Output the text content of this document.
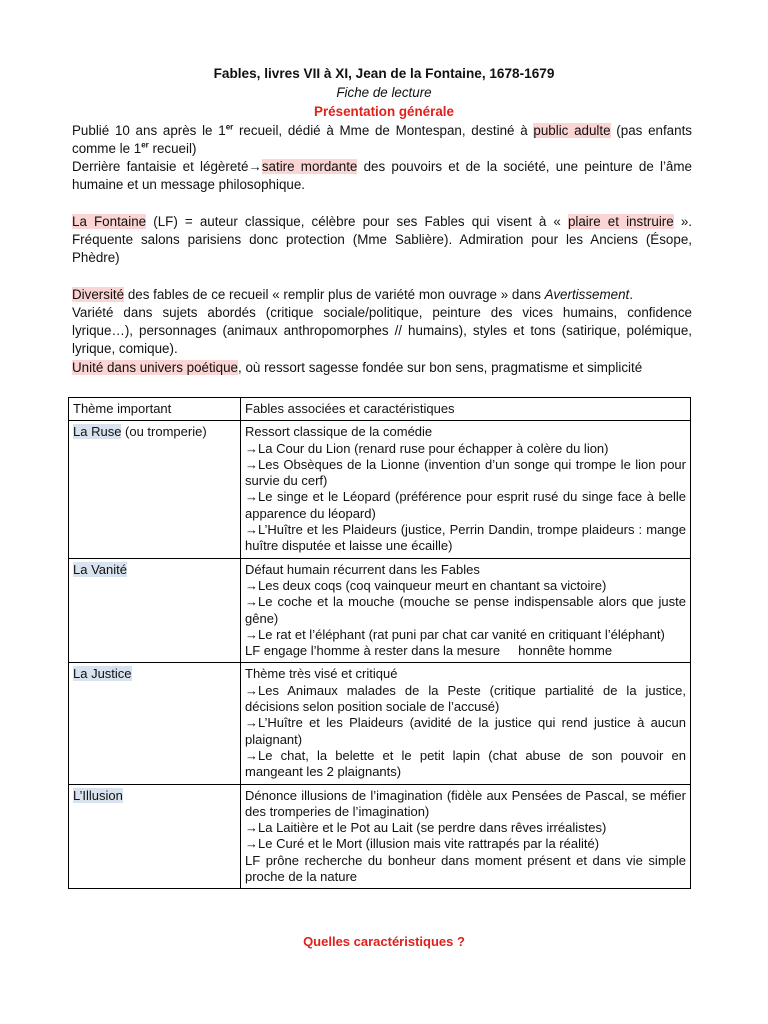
Fables, livres VII à XI, Jean de la Fontaine, 1678-1679
Fiche de lecture
Présentation générale
Publié 10 ans après le 1er recueil, dédié à Mme de Montespan, destiné à public adulte (pas enfants comme le 1er recueil)
Derrière fantaisie et légèreté→satire mordante des pouvoirs et de la société, une peinture de l’âme humaine et un message philosophique.
La Fontaine (LF) = auteur classique, célèbre pour ses Fables qui visent à « plaire et instruire ». Fréquente salons parisiens donc protection (Mme Sablière). Admiration pour les Anciens (Ésope, Phèdre)
Diversité des fables de ce recueil « remplir plus de variété mon ouvrage » dans Avertissement.
Variété dans sujets abordés (critique sociale/politique, peinture des vices humains, confidence lyrique…), personnages (animaux anthropomorphes // humains), styles et tons (satirique, polémique, lyrique, comique).
Unité dans univers poétique, où ressort sagesse fondée sur bon sens, pragmatisme et simplicité
Thème important	Fables associées et caractéristiques
La Ruse (ou tromperie)	Ressort classique de la comédie
→La Cour du Lion (renard ruse pour échapper à colère du lion)
→Les Obsèques de la Lionne (invention d’un songe qui trompe le lion pour survie du cerf)
→Le singe et le Léopard (préférence pour esprit rusé du singe face à belle apparence du léopard)
→L’Huître et les Plaideurs (justice, Perrin Dandin, trompe plaideurs : mange huître disputée et laisse une écaille)

La Vanité	Défaut humain récurrent dans les Fables
→Les deux coqs (coq vainqueur meurt en chantant sa victoire)
→Le coche et la mouche (mouche se pense indispensable alors que juste gêne)
→Le rat et l’éléphant (rat puni par chat car vanité en critiquant l’éléphant)
LF engage l’homme à rester dans la mesure     honnête homme

La Justice	Thème très visé et critiqué
→Les Animaux malades de la Peste (critique partialité de la justice, décisions selon position sociale de l’accusé)
→L’Huître et les Plaideurs (avidité de la justice qui rend justice à aucun plaignant)
→Le chat, la belette et le petit lapin (chat abuse de son pouvoir en mangeant les 2 plaignants)

L’Illusion	Dénonce illusions de l’imagination (fidèle aux Pensées de Pascal, se méfier des tromperies de l’imagination)
→La Laitière et le Pot au Lait (se perdre dans rêves irréalistes)
→Le Curé et le Mort (illusion mais vite rattrapés par la réalité)
LF prône recherche du bonheur dans moment présent et dans vie simple proche de la nature
Quelles caractéristiques ?
